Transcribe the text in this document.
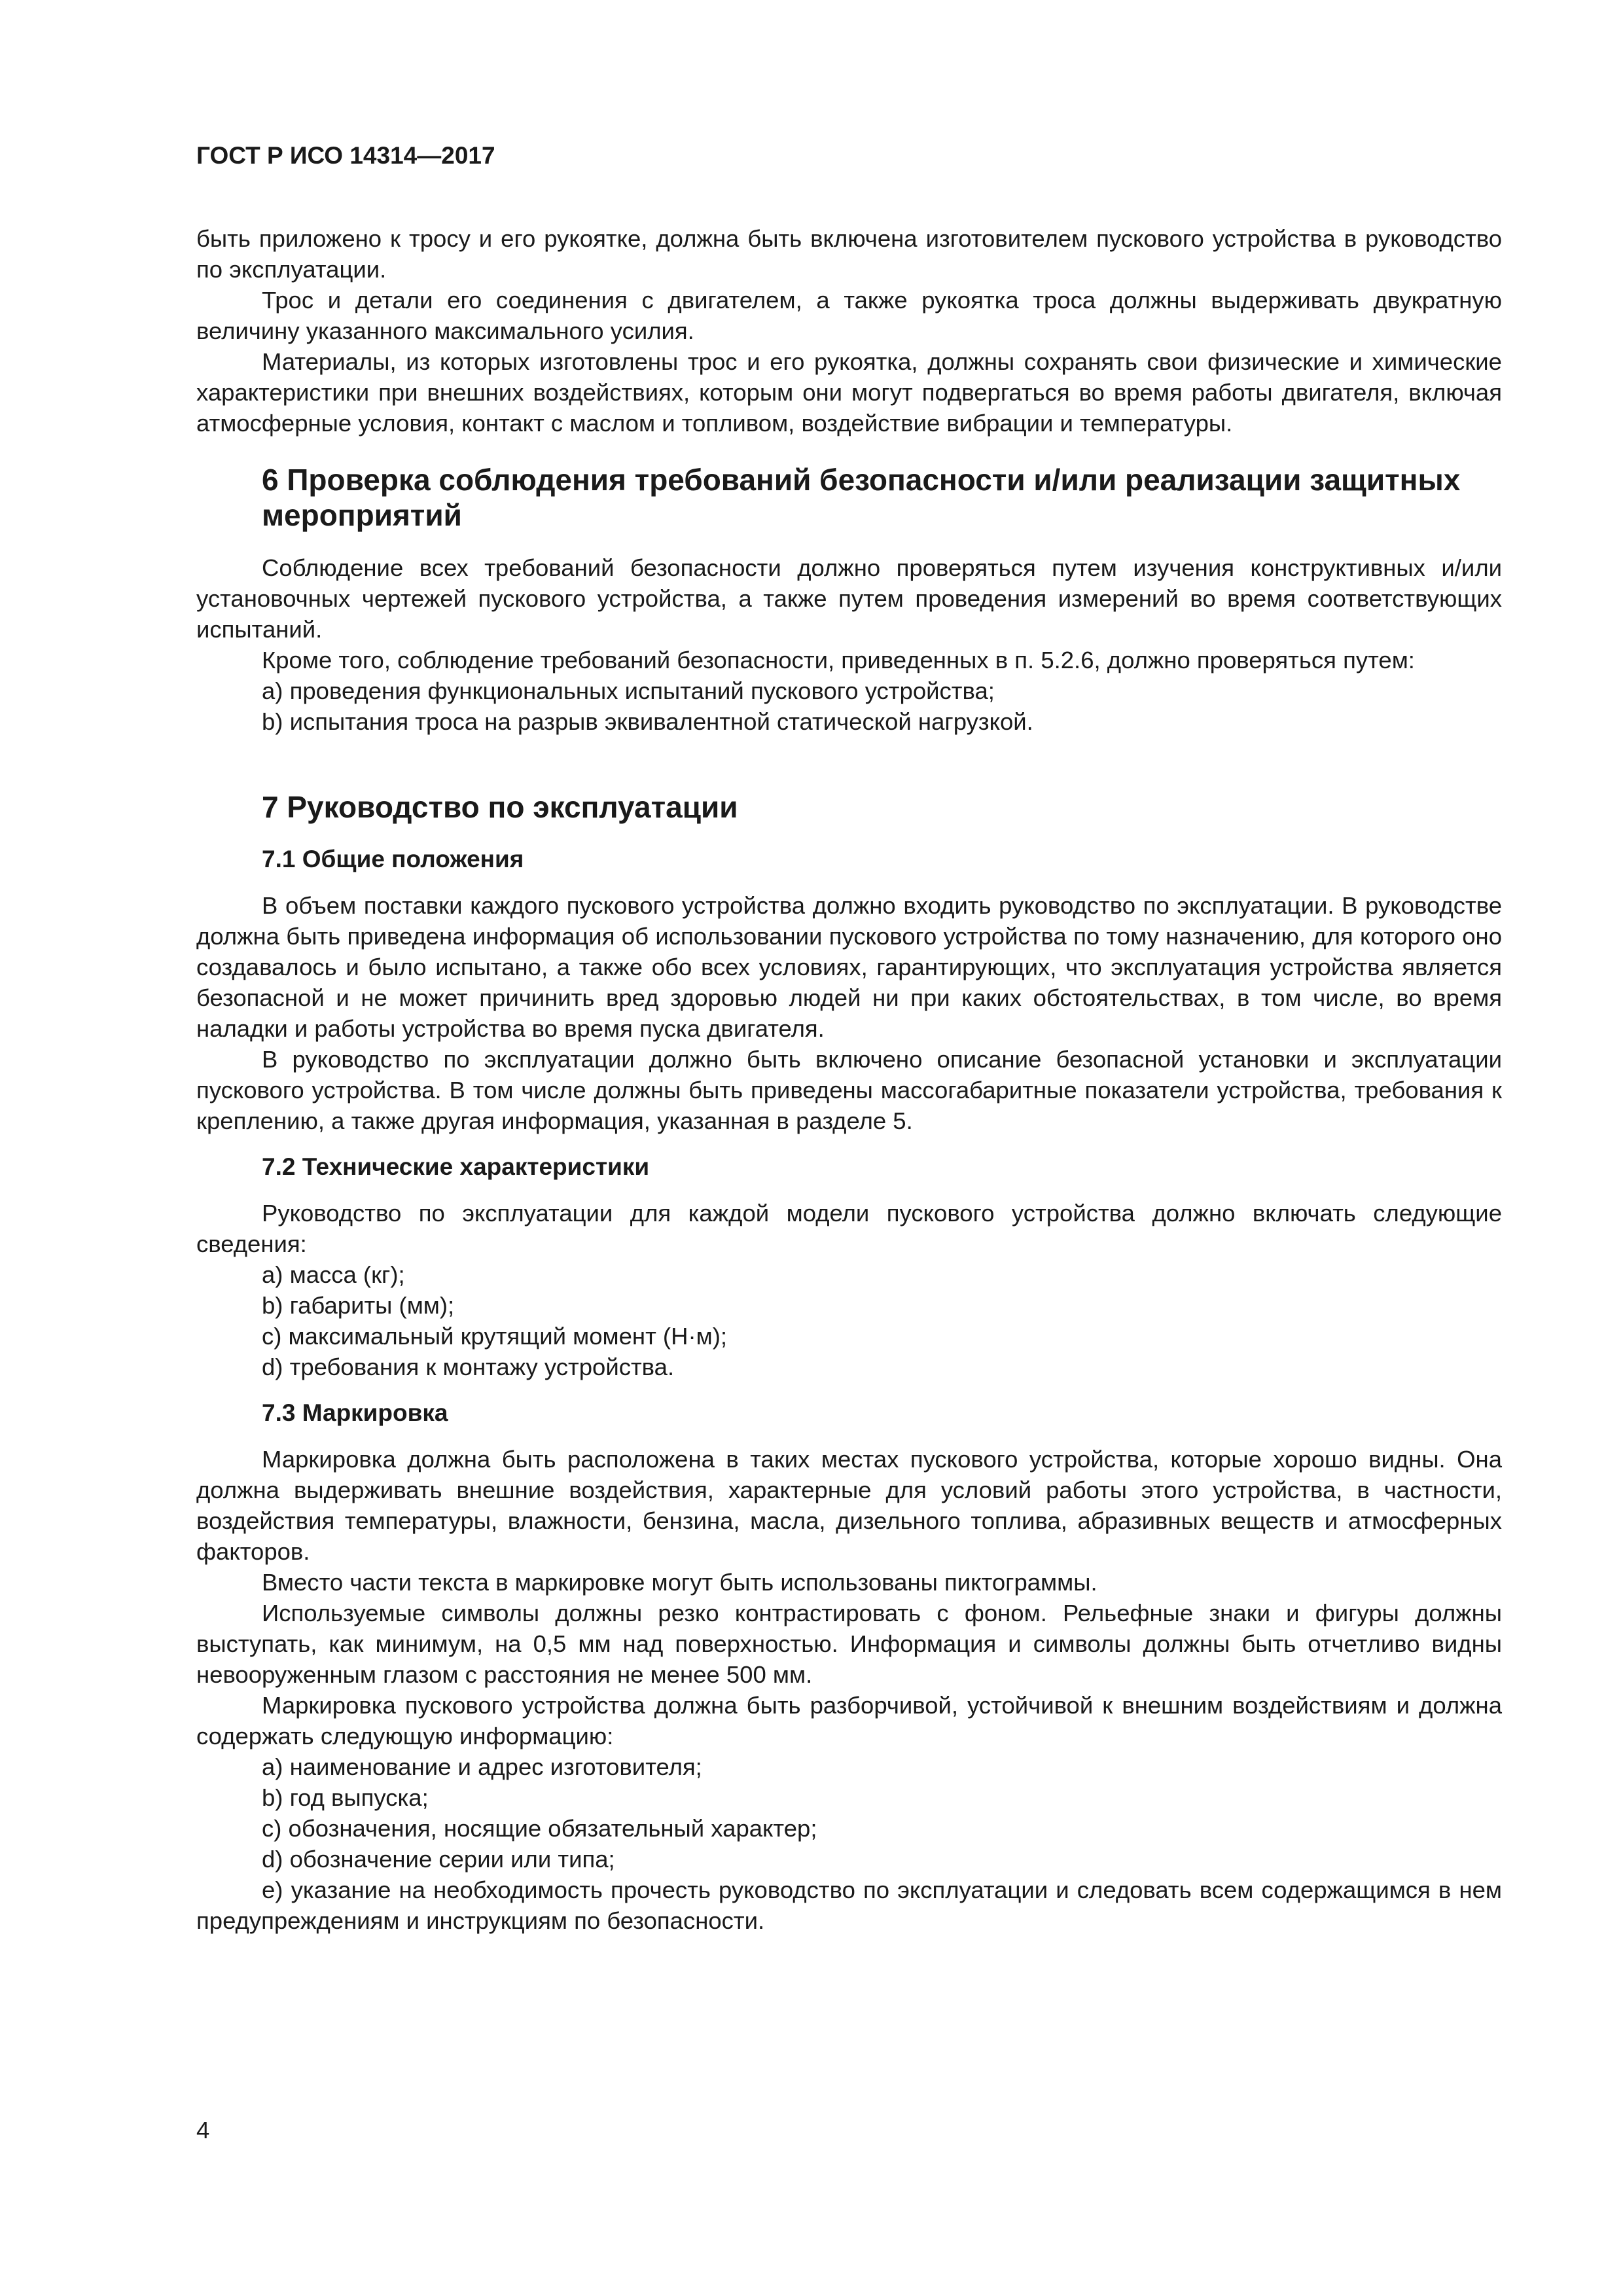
ГОСТ Р ИСО 14314—2017

быть приложено к тросу и его рукоятке, должна быть включена изготовителем пускового устройства в руководство по эксплуатации.

Трос и детали его соединения с двигателем, а также рукоятка троса должны выдерживать двукратную величину указанного максимального усилия.

Материалы, из которых изготовлены трос и его рукоятка, должны сохранять свои физические и химические характеристики при внешних воздействиях, которым они могут подвергаться во время работы двигателя, включая атмосферные условия, контакт с маслом и топливом, воздействие вибрации и температуры.

6 Проверка соблюдения требований безопасности и/или реализации защитных мероприятий

Соблюдение всех требований безопасности должно проверяться путем изучения конструктивных и/или установочных чертежей пускового устройства, а также путем проведения измерений во время соответствующих испытаний.

Кроме того, соблюдение требований безопасности, приведенных в п. 5.2.6, должно проверяться путем:

a) проведения функциональных испытаний пускового устройства;

b) испытания троса на разрыв эквивалентной статической нагрузкой.

7 Руководство по эксплуатации
7.1 Общие положения

В объем поставки каждого пускового устройства должно входить руководство по эксплуатации. В руководстве должна быть приведена информация об использовании пускового устройства по тому назначению, для которого оно создавалось и было испытано, а также обо всех условиях, гарантирующих, что эксплуатация устройства является безопасной и не может причинить вред здоровью людей ни при каких обстоятельствах, в том числе, во время наладки и работы устройства во время пуска двигателя.

В руководство по эксплуатации должно быть включено описание безопасной установки и эксплуатации пускового устройства. В том числе должны быть приведены массогабаритные показатели устройства, требования к креплению, а также другая информация, указанная в разделе 5.

7.2 Технические характеристики

Руководство по эксплуатации для каждой модели пускового устройства должно включать следующие сведения:

a) масса (кг);

b) габариты (мм);

c) максимальный крутящий момент (Н·м);

d) требования к монтажу устройства.

7.3 Маркировка

Маркировка должна быть расположена в таких местах пускового устройства, которые хорошо видны. Она должна выдерживать внешние воздействия, характерные для условий работы этого устройства, в частности, воздействия температуры, влажности, бензина, масла, дизельного топлива, абразивных веществ и атмосферных факторов.

Вместо части текста в маркировке могут быть использованы пиктограммы.

Используемые символы должны резко контрастировать с фоном. Рельефные знаки и фигуры должны выступать, как минимум, на 0,5 мм над поверхностью. Информация и символы должны быть отчетливо видны невооруженным глазом с расстояния не менее 500 мм.

Маркировка пускового устройства должна быть разборчивой, устойчивой к внешним воздействиям и должна содержать следующую информацию:

a) наименование и адрес изготовителя;

b) год выпуска;

c) обозначения, носящие обязательный характер;

d) обозначение серии или типа;

e) указание на необходимость прочесть руководство по эксплуатации и следовать всем содержащимся в нем предупреждениям и инструкциям по безопасности.

4
